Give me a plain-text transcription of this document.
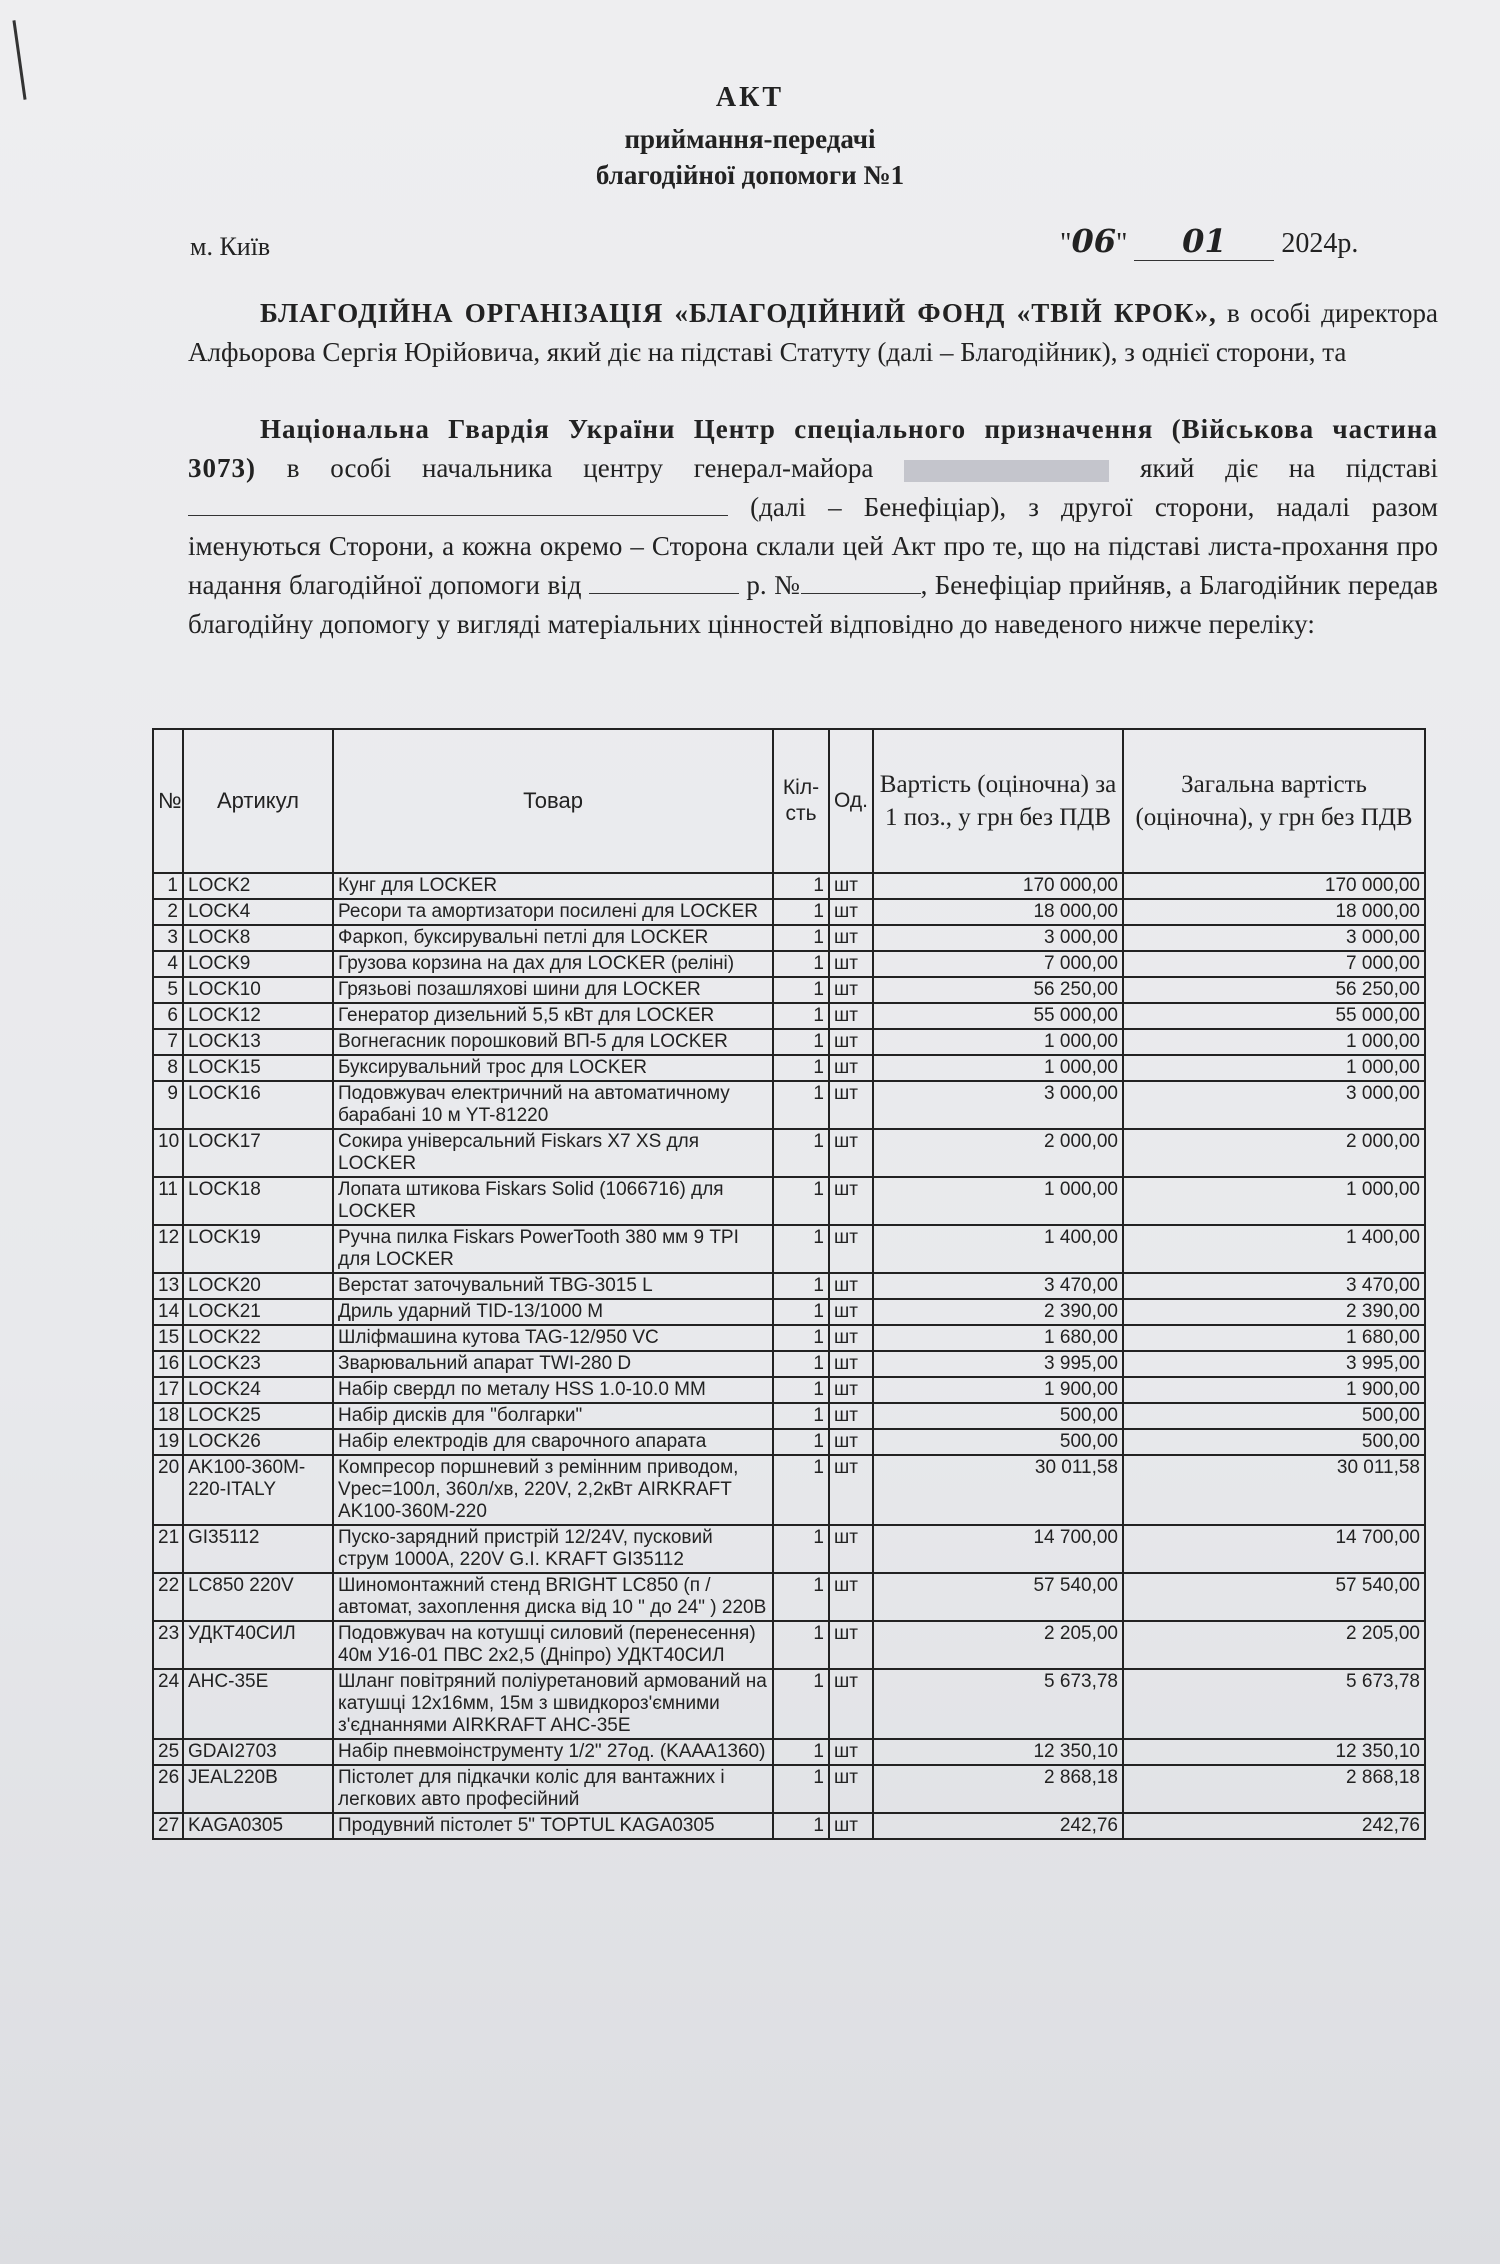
АКТ
приймання-передачі
благодійної допомоги №1
м. Київ	"06" 01 2024р.
БЛАГОДІЙНА ОРГАНІЗАЦІЯ «БЛАГОДІЙНИЙ ФОНД «ТВІЙ КРОК», в особі директора Алфьорова Сергія Юрійовича, який діє на підставі Статуту (далі – Благодійник), з однієї сторони, та
Національна Гвардія України Центр спеціального призначення (Військова частина 3073) в особі начальника центру генерал-майора	який діє на підставі  (далі – Бенефіціар), з другої сторони, надалі разом іменуються Сторони, а кожна окремо – Сторона склали цей Акт про те, що на підставі листа-прохання про надання благодійної допомоги від	р. №	, Бенефіціар прийняв, а Благодійник передав благодійну допомогу у вигляді матеріальних цінностей відповідно до наведеного нижче переліку:
№	Артикул	Товар	Кіл-сть	Од.	Вартість (оціночна) за 1 поз., у грн без ПДВ	Загальна вартість (оціночна), у грн без ПДВ
1	LOCK2	Кунг для LOCKER	1	шт	170 000,00	170 000,00
2	LOCK4	Ресори та амортизатори посилені для LOCKER	1	шт	18 000,00	18 000,00
3	LOCK8	Фаркоп, буксирувальні петлі для LOCKER	1	шт	3 000,00	3 000,00
4	LOCK9	Грузова корзина на дах для LOCKER (реліні)	1	шт	7 000,00	7 000,00
5	LOCK10	Грязьові позашляхові шини для LOCKER	1	шт	56 250,00	56 250,00
6	LOCK12	Генератор дизельний 5,5 кВт для LOCKER	1	шт	55 000,00	55 000,00
7	LOCK13	Вогнегасник порошковий ВП-5 для LOCKER	1	шт	1 000,00	1 000,00
8	LOCK15	Буксирувальний трос для LOCKER	1	шт	1 000,00	1 000,00
9	LOCK16	Подовжувач електричний на автоматичному барабані 10 м YT-81220	1	шт	3 000,00	3 000,00
10	LOCK17	Сокира універсальний Fiskars X7 XS для LOCKER	1	шт	2 000,00	2 000,00
11	LOCK18	Лопата штикова Fiskars Solid (1066716) для LOCKER	1	шт	1 000,00	1 000,00
12	LOCK19	Ручна пилка Fiskars PowerTooth 380 мм 9 TPI для LOCKER	1	шт	1 400,00	1 400,00
13	LOCK20	Верстат заточувальний TBG-3015 L	1	шт	3 470,00	3 470,00
14	LOCK21	Дриль ударний TID-13/1000 M	1	шт	2 390,00	2 390,00
15	LOCK22	Шліфмашина кутова TAG-12/950 VC	1	шт	1 680,00	1 680,00
16	LOCK23	Зварювальний апарат TWI-280 D	1	шт	3 995,00	3 995,00
17	LOCK24	Набір свердл по металу HSS 1.0-10.0 MM	1	шт	1 900,00	1 900,00
18	LOCK25	Набір дисків для "болгарки"	1	шт	500,00	500,00
19	LOCK26	Набір електродів для сварочного апарата	1	шт	500,00	500,00
20	AK100-360M-220-ITALY	Компресор поршневий з ремінним приводом, Vрес=100л, 360л/хв, 220V, 2,2кВт AIRKRAFT AK100-360M-220	1	шт	30 011,58	30 011,58
21	GI35112	Пуско-зарядний пристрій 12/24V, пусковий струм 1000A, 220V G.I. KRAFT GI35112	1	шт	14 700,00	14 700,00
22	LC850 220V	Шиномонтажний стенд BRIGHT LC850 (п / автомат, захоплення диска від 10 " до 24" ) 220В	1	шт	57 540,00	57 540,00
23	УДКТ40СИЛ	Подовжувач на котушці силовий (перенесення) 40м У16-01 ПВС 2х2,5 (Дніпро) УДКТ40СИЛ	1	шт	2 205,00	2 205,00
24	AHC-35E	Шланг повітряний поліуретановий армований на катушці 12х16мм, 15м з швидкороз'ємними з'єднаннями AIRKRAFT AHC-35E	1	шт	5 673,78	5 673,78
25	GDAI2703	Набір пневмоінструменту 1/2" 27од. (KAAA1360)	1	шт	12 350,10	12 350,10
26	JEAL220B	Пістолет для підкачки коліс для вантажних і легкових авто професійний	1	шт	2 868,18	2 868,18
27	KAGA0305	Продувний пістолет 5" TOPTUL KAGA0305	1	шт	242,76	242,76
